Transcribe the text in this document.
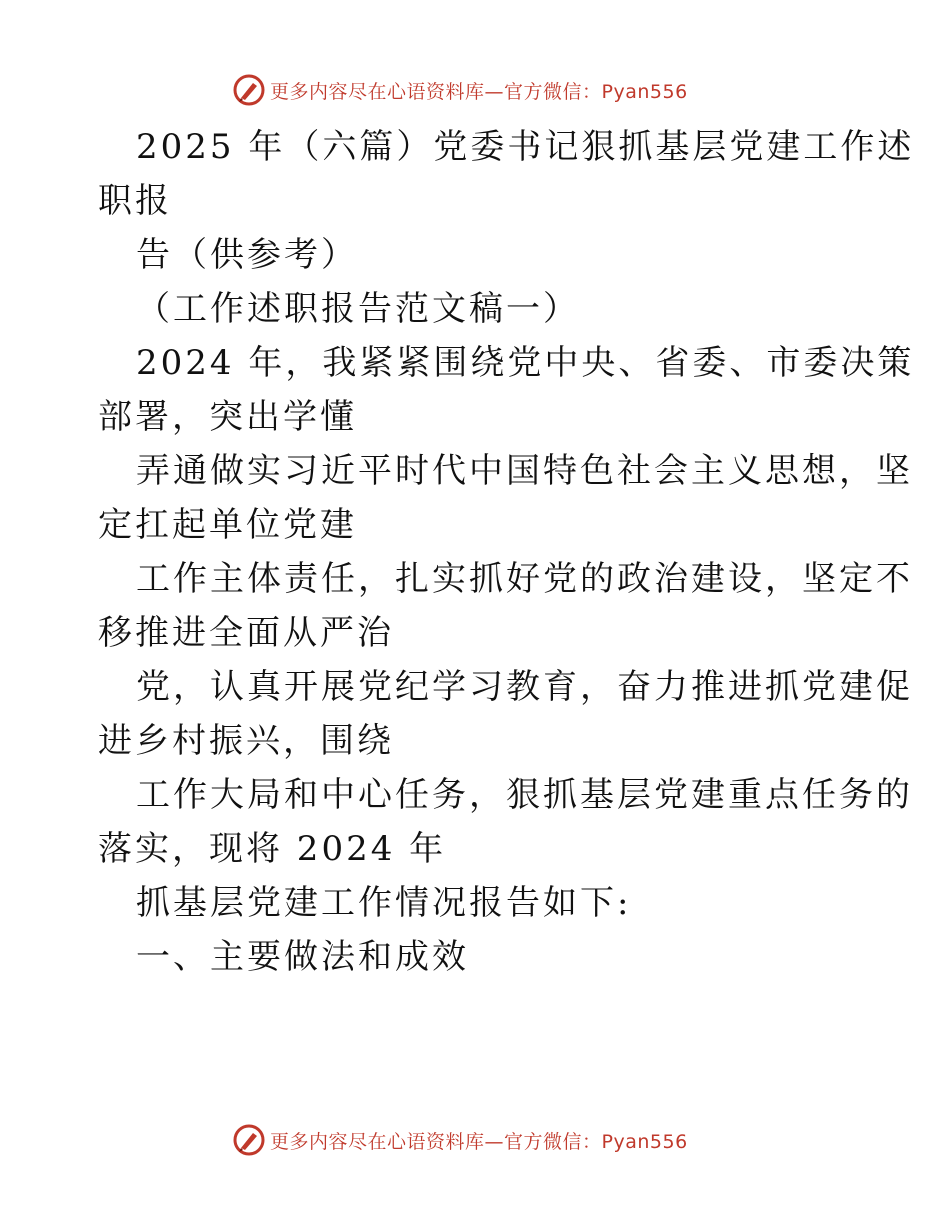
更多内容尽在心语资料库—官方微信：Pyan556
2025 年（六篇）党委书记狠抓基层党建工作述
职报
告（供参考）
（工作述职报告范文稿一）
2024 年，我紧紧围绕党中央、省委、市委决策
部署，突出学懂
弄通做实习近平时代中国特色社会主义思想，坚
定扛起单位党建
工作主体责任，扎实抓好党的政治建设，坚定不
移推进全面从严治
党，认真开展党纪学习教育，奋力推进抓党建促
进乡村振兴，围绕
工作大局和中心任务，狠抓基层党建重点任务的
落实，现将 2024 年
抓基层党建工作情况报告如下:
一、主要做法和成效
更多内容尽在心语资料库—官方微信：Pyan556
